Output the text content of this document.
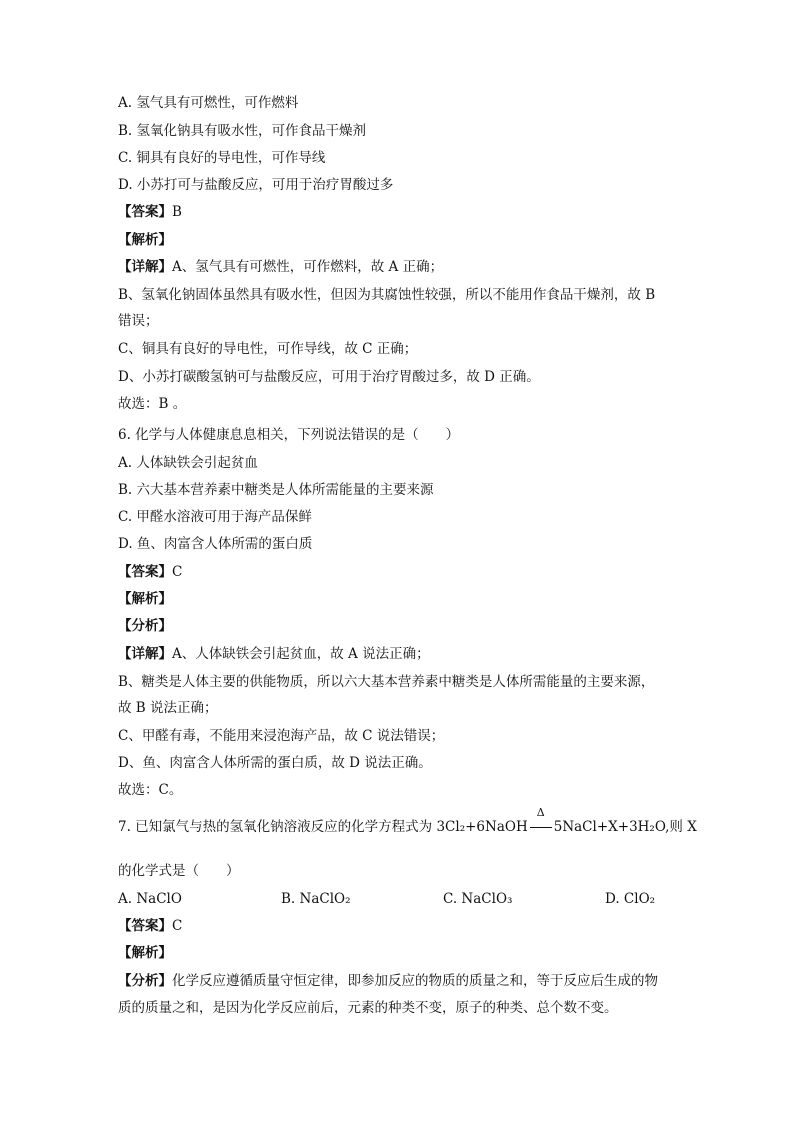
A. 氢气具有可燃性，可作燃料
B. 氢氧化钠具有吸水性，可作食品干燥剂
C. 铜具有良好的导电性，可作导线
D. 小苏打可与盐酸反应，可用于治疗胃酸过多
【答案】B
【解析】
【详解】A、氢气具有可燃性，可作燃料，故 A 正确；
B、氢氧化钠固体虽然具有吸水性，但因为其腐蚀性较强，所以不能用作食品干燥剂，故 B
错误；
C、铜具有良好的导电性，可作导线，故 C 正确；
D、小苏打碳酸氢钠可与盐酸反应，可用于治疗胃酸过多，故 D 正确。
故选：B 。
6. 化学与人体健康息息相关，下列说法错误的是（　　）
A. 人体缺铁会引起贫血
B. 六大基本营养素中糖类是人体所需能量的主要来源
C. 甲醛水溶液可用于海产品保鲜
D. 鱼、肉富含人体所需的蛋白质
【答案】C
【解析】
【分析】
【详解】A、人体缺铁会引起贫血，故 A 说法正确；
B、糖类是人体主要的供能物质，所以六大基本营养素中糖类是人体所需能量的主要来源，
故 B 说法正确；
C、甲醛有毒，不能用来浸泡海产品，故 C 说法错误；
D、鱼、肉富含人体所需的蛋白质，故 D 说法正确。
故选：C。
7. 已知氯气与热的氢氧化钠溶液反应的化学方程式为 3Cl₂+6NaOH
Δ
5NaCl+X+3H₂O,则 X
的化学式是（　　）
A. NaClO	B. NaClO₂	C. NaClO₃	D. ClO₂
【答案】C
【解析】
【分析】化学反应遵循质量守恒定律，即参加反应的物质的质量之和，等于反应后生成的物
质的质量之和，是因为化学反应前后，元素的种类不变，原子的种类、总个数不变。
